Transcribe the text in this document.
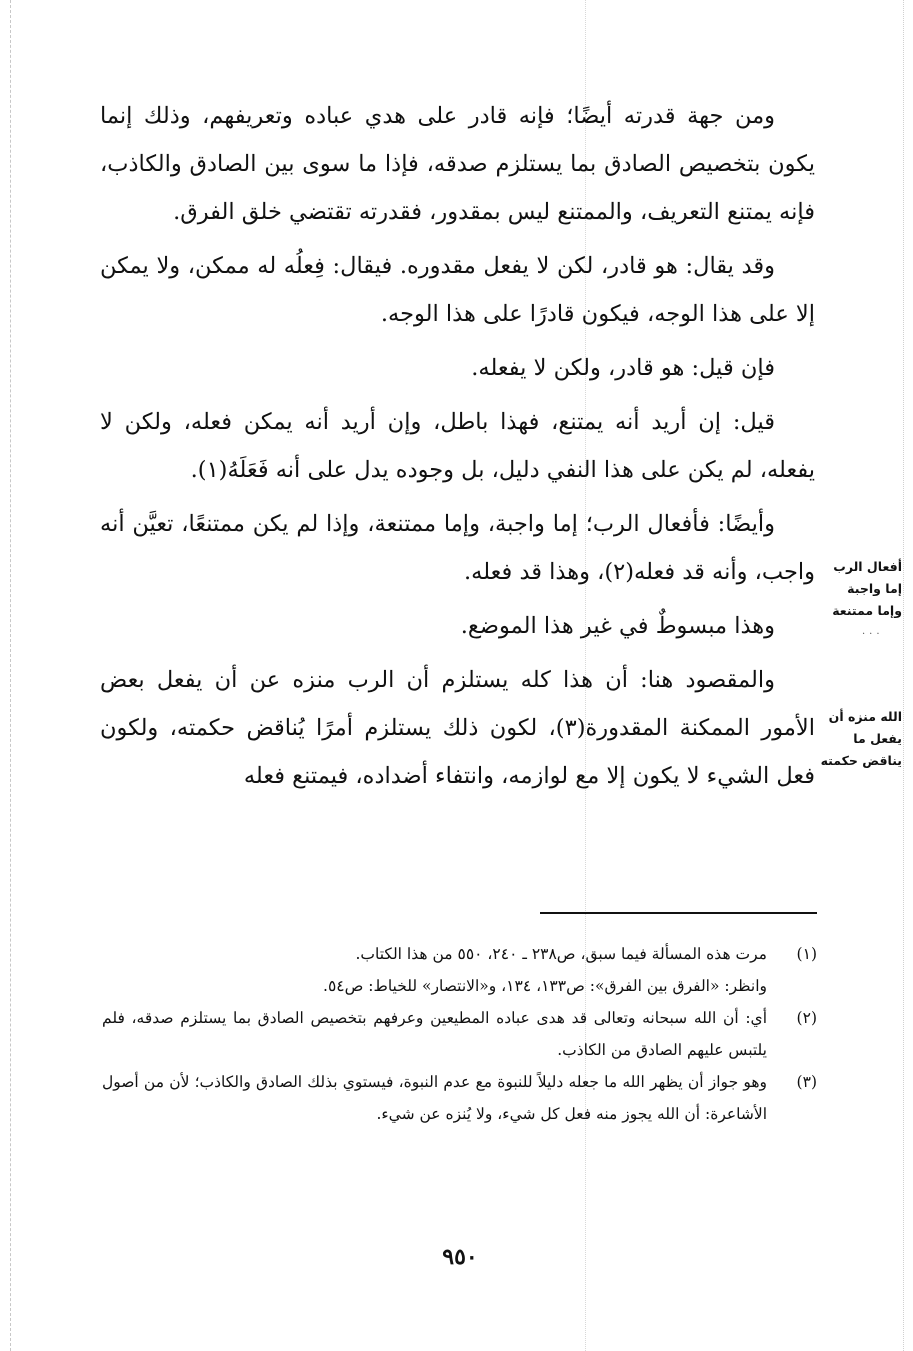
ومن جهة قدرته أيضًا؛ فإنه قادر على هدي عباده وتعريفهم، وذلك إنما يكون بتخصيص الصادق بما يستلزم صدقه، فإذا ما سوى بين الصادق والكاذب، فإنه يمتنع التعريف، والممتنع ليس بمقدور، فقدرته تقتضي خلق الفرق.

وقد يقال: هو قادر، لكن لا يفعل مقدوره. فيقال: فِعلُه له ممكن، ولا يمكن إلا على هذا الوجه، فيكون قادرًا على هذا الوجه.

فإن قيل: هو قادر، ولكن لا يفعله.

قيل: إن أريد أنه يمتنع، فهذا باطل، وإن أريد أنه يمكن فعله، ولكن لا يفعله، لم يكن على هذا النفي دليل، بل وجوده يدل على أنه فَعَلَهُ(١).

وأيضًا: فأفعال الرب؛ إما واجبة، وإما ممتنعة، وإذا لم يكن ممتنعًا، تعيَّن أنه واجب، وأنه قد فعله(٢)، وهذا قد فعله.

وهذا مبسوطٌ في غير هذا الموضع.

والمقصود هنا: أن هذا كله يستلزم أن الرب منزه عن أن يفعل بعض الأمور الممكنة المقدورة(٣)، لكون ذلك يستلزم أمرًا يُناقض حكمته، ولكون فعل الشيء لا يكون إلا مع لوازمه، وانتفاء أضداده، فيمتنع فعله

أفعال الرب إما واجبة وإما ممتنعة
...
الله منزه أن يفعل ما يناقض حكمته
(١)
مرت هذه المسألة فيما سبق، ص٢٣٨ ـ ٢٤٠، ٥٥٠ من هذا الكتاب.
وانظر: «الفرق بين الفرق»: ص١٣٣، ١٣٤، و«الانتصار» للخياط: ص٥٤.
(٢)
أي: أن الله سبحانه وتعالى قد هدى عباده المطيعين وعرفهم بتخصيص الصادق بما يستلزم صدقه، فلم يلتبس عليهم الصادق من الكاذب.
(٣)
وهو جواز أن يظهر الله ما جعله دليلاً للنبوة مع عدم النبوة، فيستوي بذلك الصادق والكاذب؛ لأن من أصول الأشاعرة: أن الله يجوز منه فعل كل شيء، ولا يُنزه عن شيء.
٩٥٠
